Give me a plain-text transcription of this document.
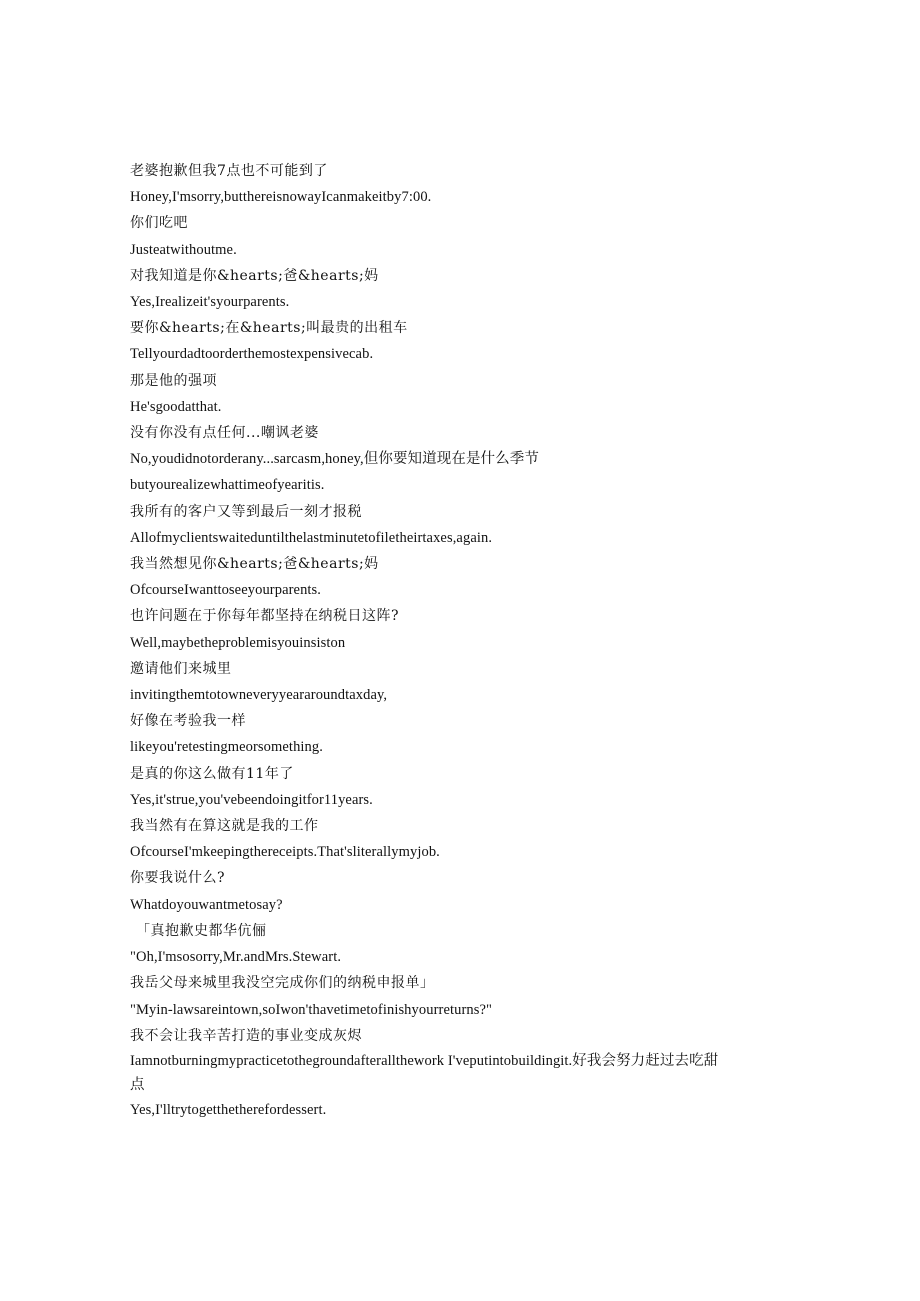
老婆抱歉但我7点也不可能到了
Honey,I'msorry,butthereisnowayIcanmakeitby7:00.
你们吃吧
Justeatwithoutme.
对我知道是你&hearts;爸&hearts;妈
Yes,Irealizeit'syourparents.
要你&hearts;在&hearts;叫最贵的出租车
Tellyourdadtoorderthemostexpensivecab.
那是他的强项
He'sgoodatthat.
没有你没有点任何...嘲讽老婆
No,youdidnotorderany...sarcasm,honey,但你要知道现在是什么季节
butyourealizewhattimeofyearitis.
我所有的客户又等到最后一刻才报税
Allofmyclientswaiteduntilthelastminutetofiletheirtaxes,again.
我当然想见你&hearts;爸&hearts;妈
OfcourseIwanttoseeyourparents.
也许问题在于你每年都坚持在纳税日这阵?
Well,maybetheproblemisyouinsiston
邀请他们来城里
invitingthemtotowneveryyeararoundtaxday,
好像在考验我一样
likeyou'retestingmeorsomething.
是真的你这么做有11年了
Yes,it'strue,you'vebeendoingitfor11years.
我当然有在算这就是我的工作
OfcourseI'mkeepingthereceipts.That'sliterallymyjob.
你要我说什么?
Whatdoyouwantmetosay?
「真抱歉史都华伉俪
"Oh,I'msosorry,Mr.andMrs.Stewart.
我岳父母来城里我没空完成你们的纳税申报单」
"Myin-lawsareintown,soIwon'thavetimetofinishyourreturns?"
我不会让我辛苦打造的事业变成灰烬
Iamnotburningmypracticetothegroundafterallthework I'veputintobuildingit.好我会努力赶过去吃甜点
Yes,I'lltrytogetthetherefordessert.
